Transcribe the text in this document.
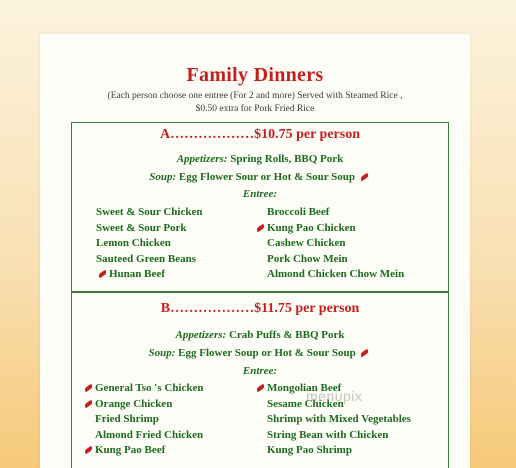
Family Dinners
(Each person choose one entree (For 2 and more) Served with Steamed Rice ,
$0.50 extra for Pork Fried Rice
A………………$10.75 per person
Appetizers: Spring Rolls, BBQ Pork
Soup: Egg Flower Sour or Hot & Sour Soup
Entree:
Sweet & Sour Chicken
Sweet & Sour Pork
Lemon Chicken
Sauteed Green Beans
Hunan Beef
Broccoli Beef
Kung Pao Chicken
Cashew Chicken
Pork Chow Mein
Almond Chicken Chow Mein
B………………$11.75 per person
Appetizers: Crab Puffs & BBQ Pork
Soup: Egg Flower Soup or Hot & Sour Soup
Entree:
General Tso 's Chicken
Orange Chicken
Fried Shrimp
Almond Fried Chicken
Kung Pao Beef
Mongolian Beef
Sesame Chicken
Shrimp with Mixed Vegetables
String Bean with Chicken
Kung Pao Shrimp
menupix
